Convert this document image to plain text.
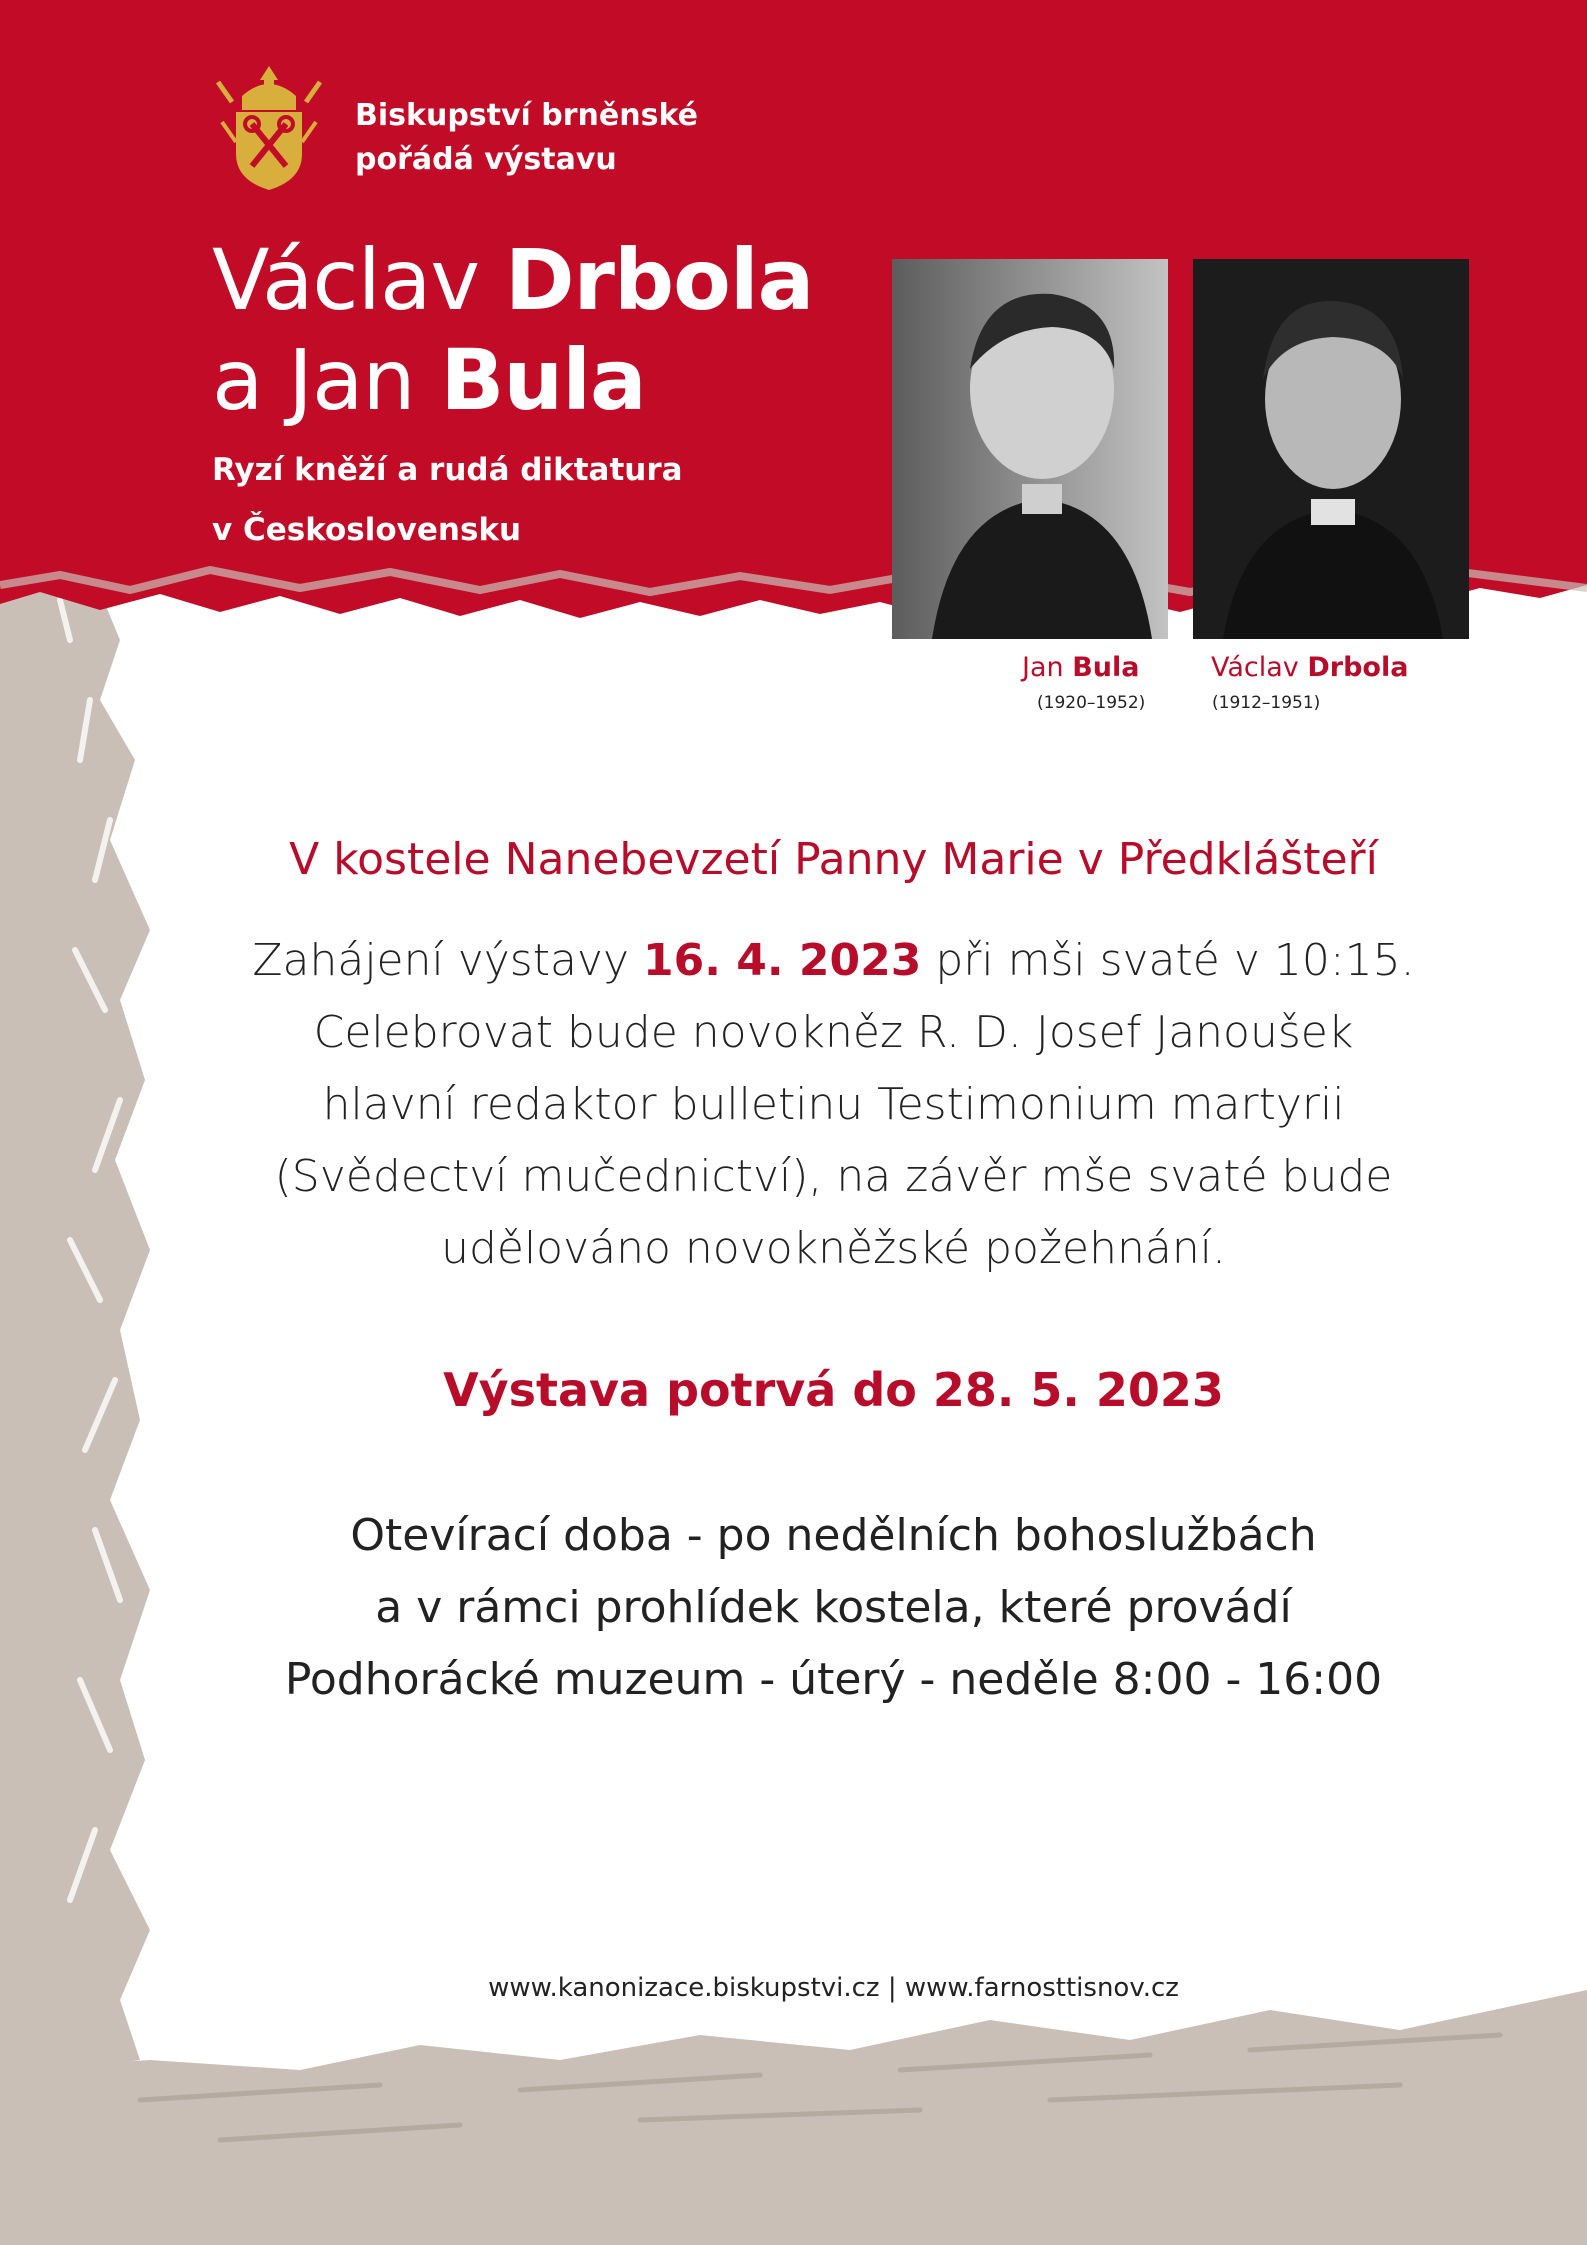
Biskupství brněnské
pořádá výstavu
Václav Drbola
a Jan Bula
Ryzí kněží a rudá diktatura
v Československu
Jan Bula
(1920–1952)
Václav Drbola
(1912–1951)
V kostele Nanebevzetí Panny Marie v Předklášteří
Zahájení výstavy 16. 4. 2023 při mši svaté v 10:15.
Celebrovat bude novokněz R. D. Josef Janoušek
hlavní redaktor bulletinu Testimonium martyrii
(Svědectví mučednictví), na závěr mše svaté bude
udělováno novokněžské požehnání.
Výstava potrvá do 28. 5. 2023
Otevírací doba - po nedělních bohoslužbách
a v rámci prohlídek kostela, které provádí
Podhorácké muzeum - úterý - neděle 8:00 - 16:00
www.kanonizace.biskupstvi.cz | www.farnosttisnov.cz
